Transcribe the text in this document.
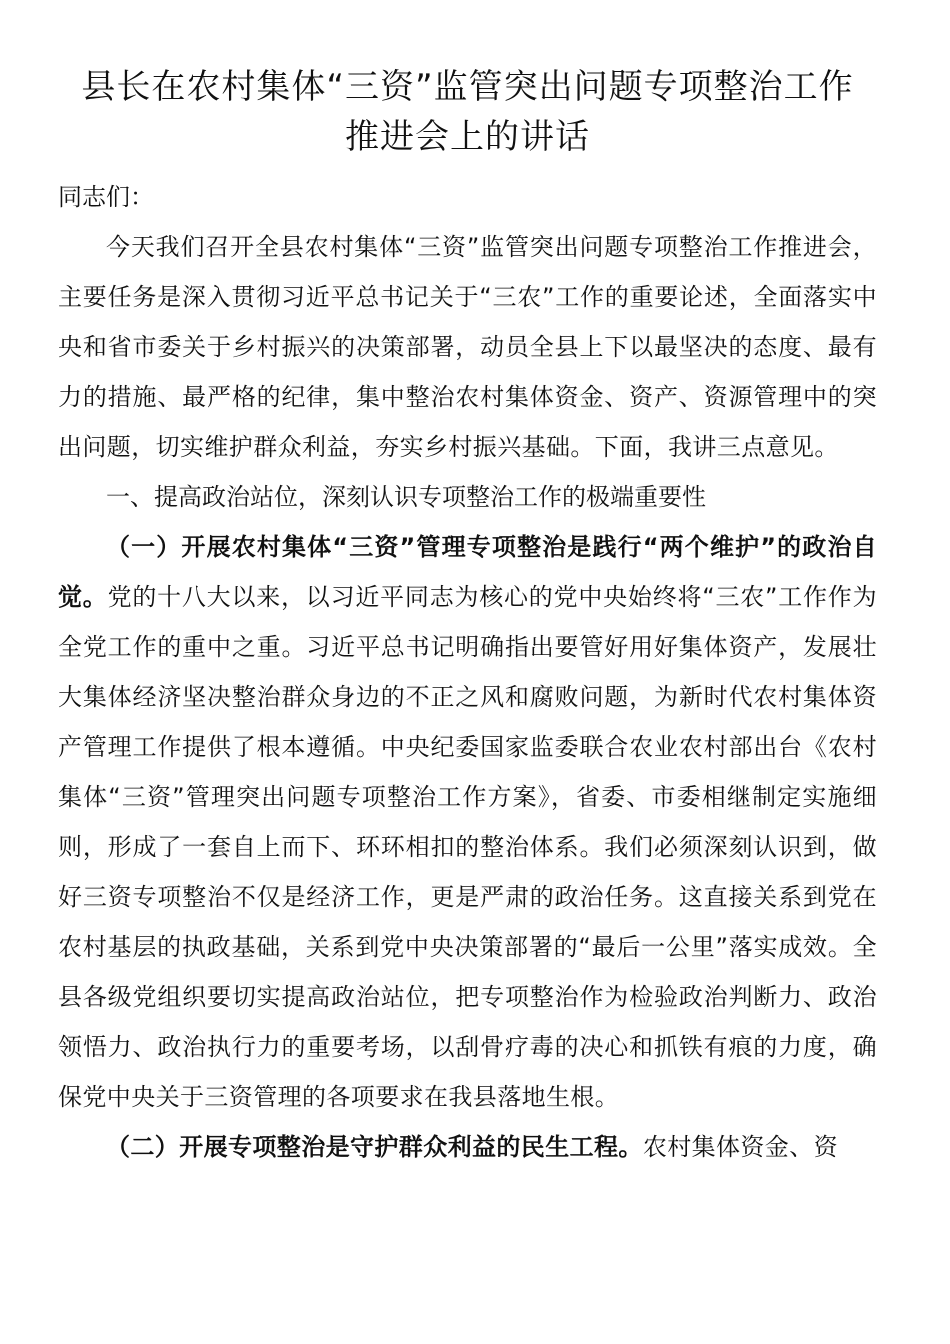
县长在农村集体“三资”监管突出问题专项整治工作
推进会上的讲话

同志们：

今天我们召开全县农村集体“三资”监管突出问题专项整治工作推进会，主要任务是深入贯彻习近平总书记关于“三农”工作的重要论述，全面落实中央和省市委关于乡村振兴的决策部署，动员全县上下以最坚决的态度、最有力的措施、最严格的纪律，集中整治农村集体资金、资产、资源管理中的突出问题，切实维护群众利益，夯实乡村振兴基础。下面，我讲三点意见。

一、提高政治站位，深刻认识专项整治工作的极端重要性

（一）开展农村集体“三资”管理专项整治是践行“两个维护”的政治自觉。党的十八大以来，以习近平同志为核心的党中央始终将“三农”工作作为全党工作的重中之重。习近平总书记明确指出要管好用好集体资产，发展壮大集体经济坚决整治群众身边的不正之风和腐败问题，为新时代农村集体资产管理工作提供了根本遵循。中央纪委国家监委联合农业农村部出台《农村集体“三资”管理突出问题专项整治工作方案》，省委、市委相继制定实施细则，形成了一套自上而下、环环相扣的整治体系。我们必须深刻认识到，做好三资专项整治不仅是经济工作，更是严肃的政治任务。这直接关系到党在农村基层的执政基础，关系到党中央决策部署的“最后一公里”落实成效。全县各级党组织要切实提高政治站位，把专项整治作为检验政治判断力、政治领悟力、政治执行力的重要考场，以刮骨疗毒的决心和抓铁有痕的力度，确保党中央关于三资管理的各项要求在我县落地生根。

（二）开展专项整治是守护群众利益的民生工程。农村集体资金、资
